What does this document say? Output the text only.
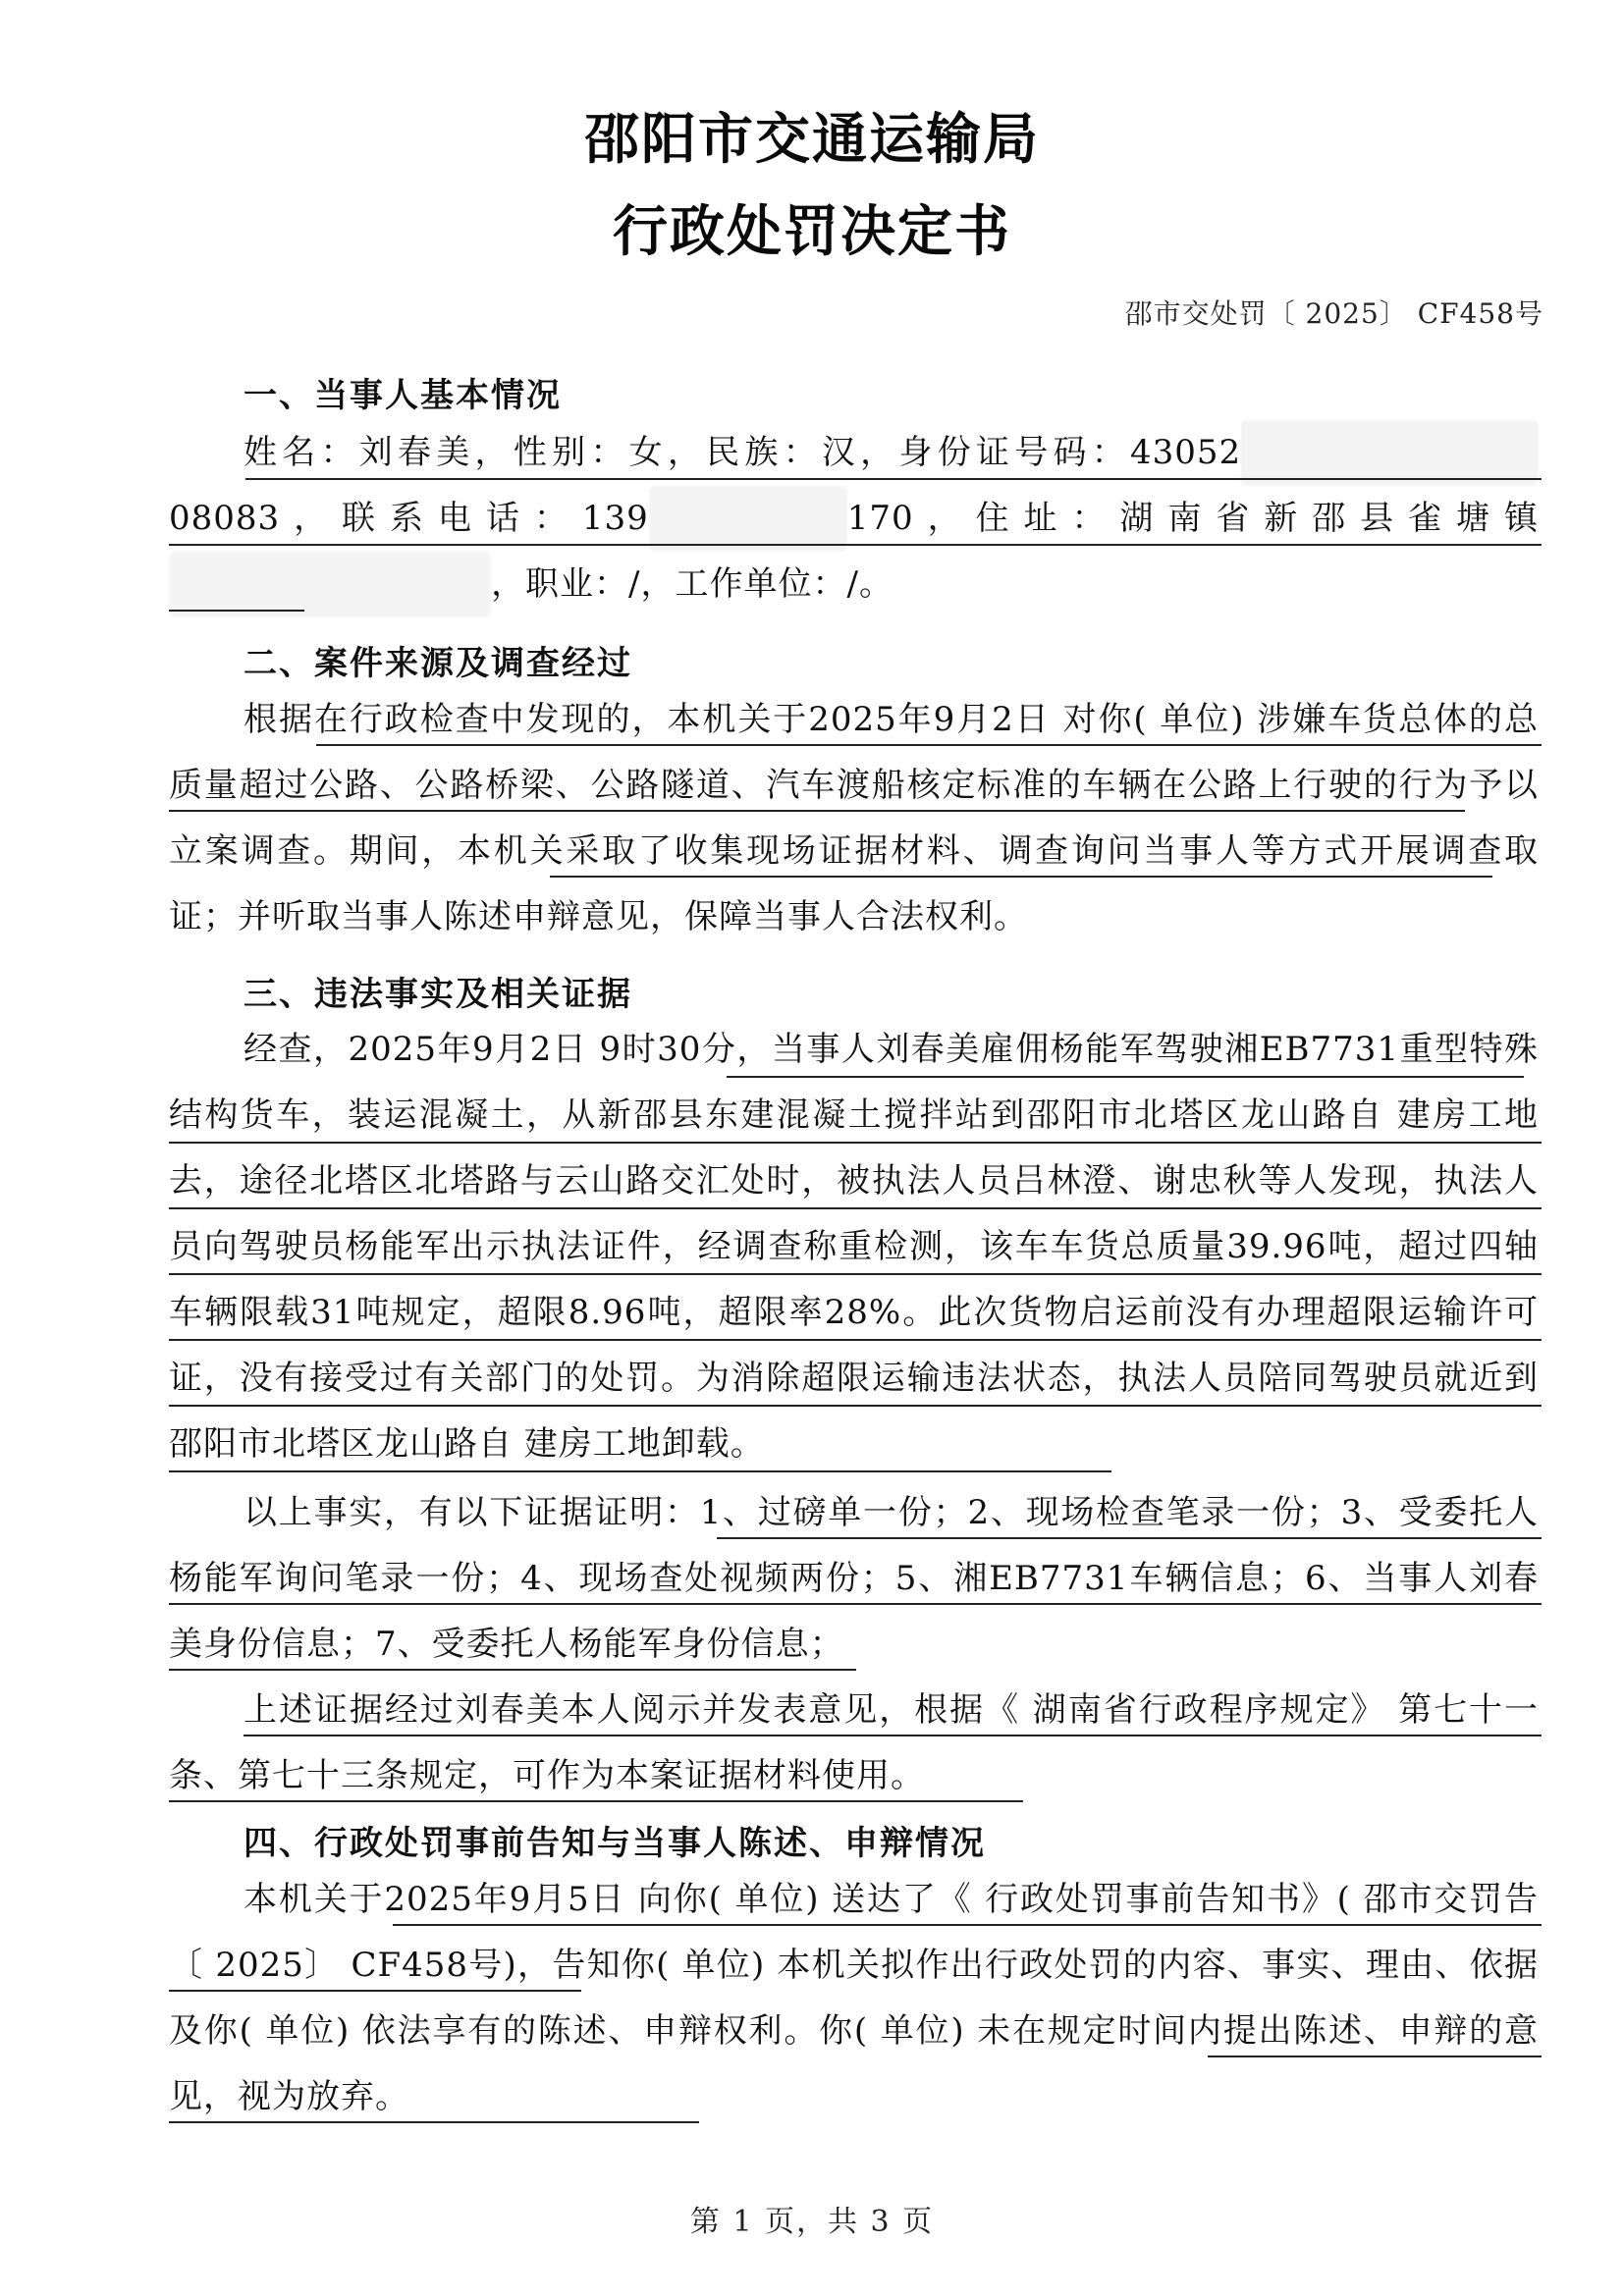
邵阳市交通运输局
行政处罚决定书
邵市交处罚〔 2025〕 CF458号
一、当事人基本情况
姓名：刘春美，性别：女，民族：汉，身份证号码：4305208083，联系电话：139	170，住址：湖南省新邵县雀塘镇，职业：/，工作单位：/。
二、案件来源及调查经过
根据在行政检查中发现的，本机关于2025年9月2日 对你( 单位) 涉嫌车货总体的总质量超过公路、公路桥梁、公路隧道、汽车渡船核定标准的车辆在公路上行驶的行为予以立案调查。期间，本机关采取了收集现场证据材料、调查询问当事人等方式开展调查取证；并听取当事人陈述申辩意见，保障当事人合法权利。
三、违法事实及相关证据
经查，2025年9月2日 9时30分，当事人刘春美雇佣杨能军驾驶湘EB7731重型特殊结构货车，装运混凝土，从新邵县东建混凝土搅拌站到邵阳市北塔区龙山路自 建房工地去，途径北塔区北塔路与云山路交汇处时，被执法人员吕林澄、谢忠秋等人发现，执法人员向驾驶员杨能军出示执法证件，经调查称重检测，该车车货总质量39.96吨，超过四轴车辆限载31吨规定，超限8.96吨，超限率28%。此次货物启运前没有办理超限运输许可证，没有接受过有关部门的处罚。为消除超限运输违法状态，执法人员陪同驾驶员就近到邵阳市北塔区龙山路自 建房工地卸载。
以上事实，有以下证据证明：1、过磅单一份；2、现场检查笔录一份；3、受委托人杨能军询问笔录一份；4、现场查处视频两份；5、湘EB7731车辆信息；6、当事人刘春美身份信息；7、受委托人杨能军身份信息；
上述证据经过刘春美本人阅示并发表意见，根据《 湖南省行政程序规定》 第七十一条、第七十三条规定，可作为本案证据材料使用。
四、行政处罚事前告知与当事人陈述、申辩情况
本机关于2025年9月5日 向你( 单位) 送达了《 行政处罚事前告知书》( 邵市交罚告〔 2025〕 CF458号)，告知你( 单位) 本机关拟作出行政处罚的内容、事实、理由、依据及你( 单位) 依法享有的陈述、申辩权利。你( 单位) 未在规定时间内提出陈述、申辩的意见，视为放弃。
第 1 页，共 3 页
